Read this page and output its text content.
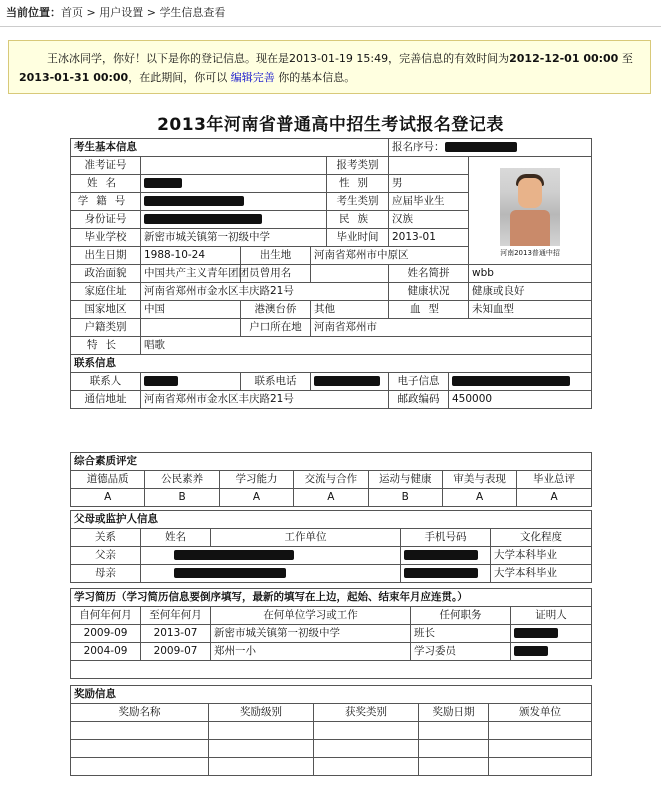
当前位置：首页 > 用户设置 > 学生信息查看
王冰冰同学，你好！以下是你的登记信息。现在是2013-01-19 15:49，完善信息的有效时间为2012-12-01 00:00 至 2013-01-31 00:00，在此期间，你可以 编辑完善 你的基本信息。
2013年河南省普通高中招生考试报名登记表
考生基本信息					报名序号：		
准考证号				报考类别			河南2013普通中招

姓名				性别	男		
学籍号				考生类别	应届毕业生		
身份证号				民族	汉族		
毕业学校	新密市城关镇第一初级中学			毕业时间	2013-01		
出生日期	1988-10-24	出生地	河南省郑州市中原区				
政治面貌	中国共产主义青年团团员	曾用名			姓名简拼		wbb
家庭住址	河南省郑州市金水区丰庆路21号				健康状况		健康或良好
国家地区	中国	港澳台侨	其他		血型		未知血型
户籍类别		户口所在地	河南省郑州市				
特长	唱歌						
联系信息							
联系人		联系电话			电子信息		
通信地址	河南省郑州市金水区丰庆路21号				邮政编码	450000	
综合素质评定						
道德品质	公民素养	学习能力	交流与合作	运动与健康	审美与表现	毕业总评
A	B	A	A	B	A	A
父母或监护人信息				
关系	姓名	工作单位	手机号码	文化程度
父亲				大学本科毕业
母亲				大学本科毕业
学习简历（学习简历信息要倒序填写，最新的填写在上边，起始、结束年月应连贯。）				
自何年何月	至何年何月	在何单位学习或工作	任何职务	证明人
2009-09	2013-07	新密市城关镇第一初级中学	班长	
2004-09	2009-07	郑州一小	学习委员	

奖励信息				
奖励名称	奖励级别	获奖类别	奖励日期	颁发单位
